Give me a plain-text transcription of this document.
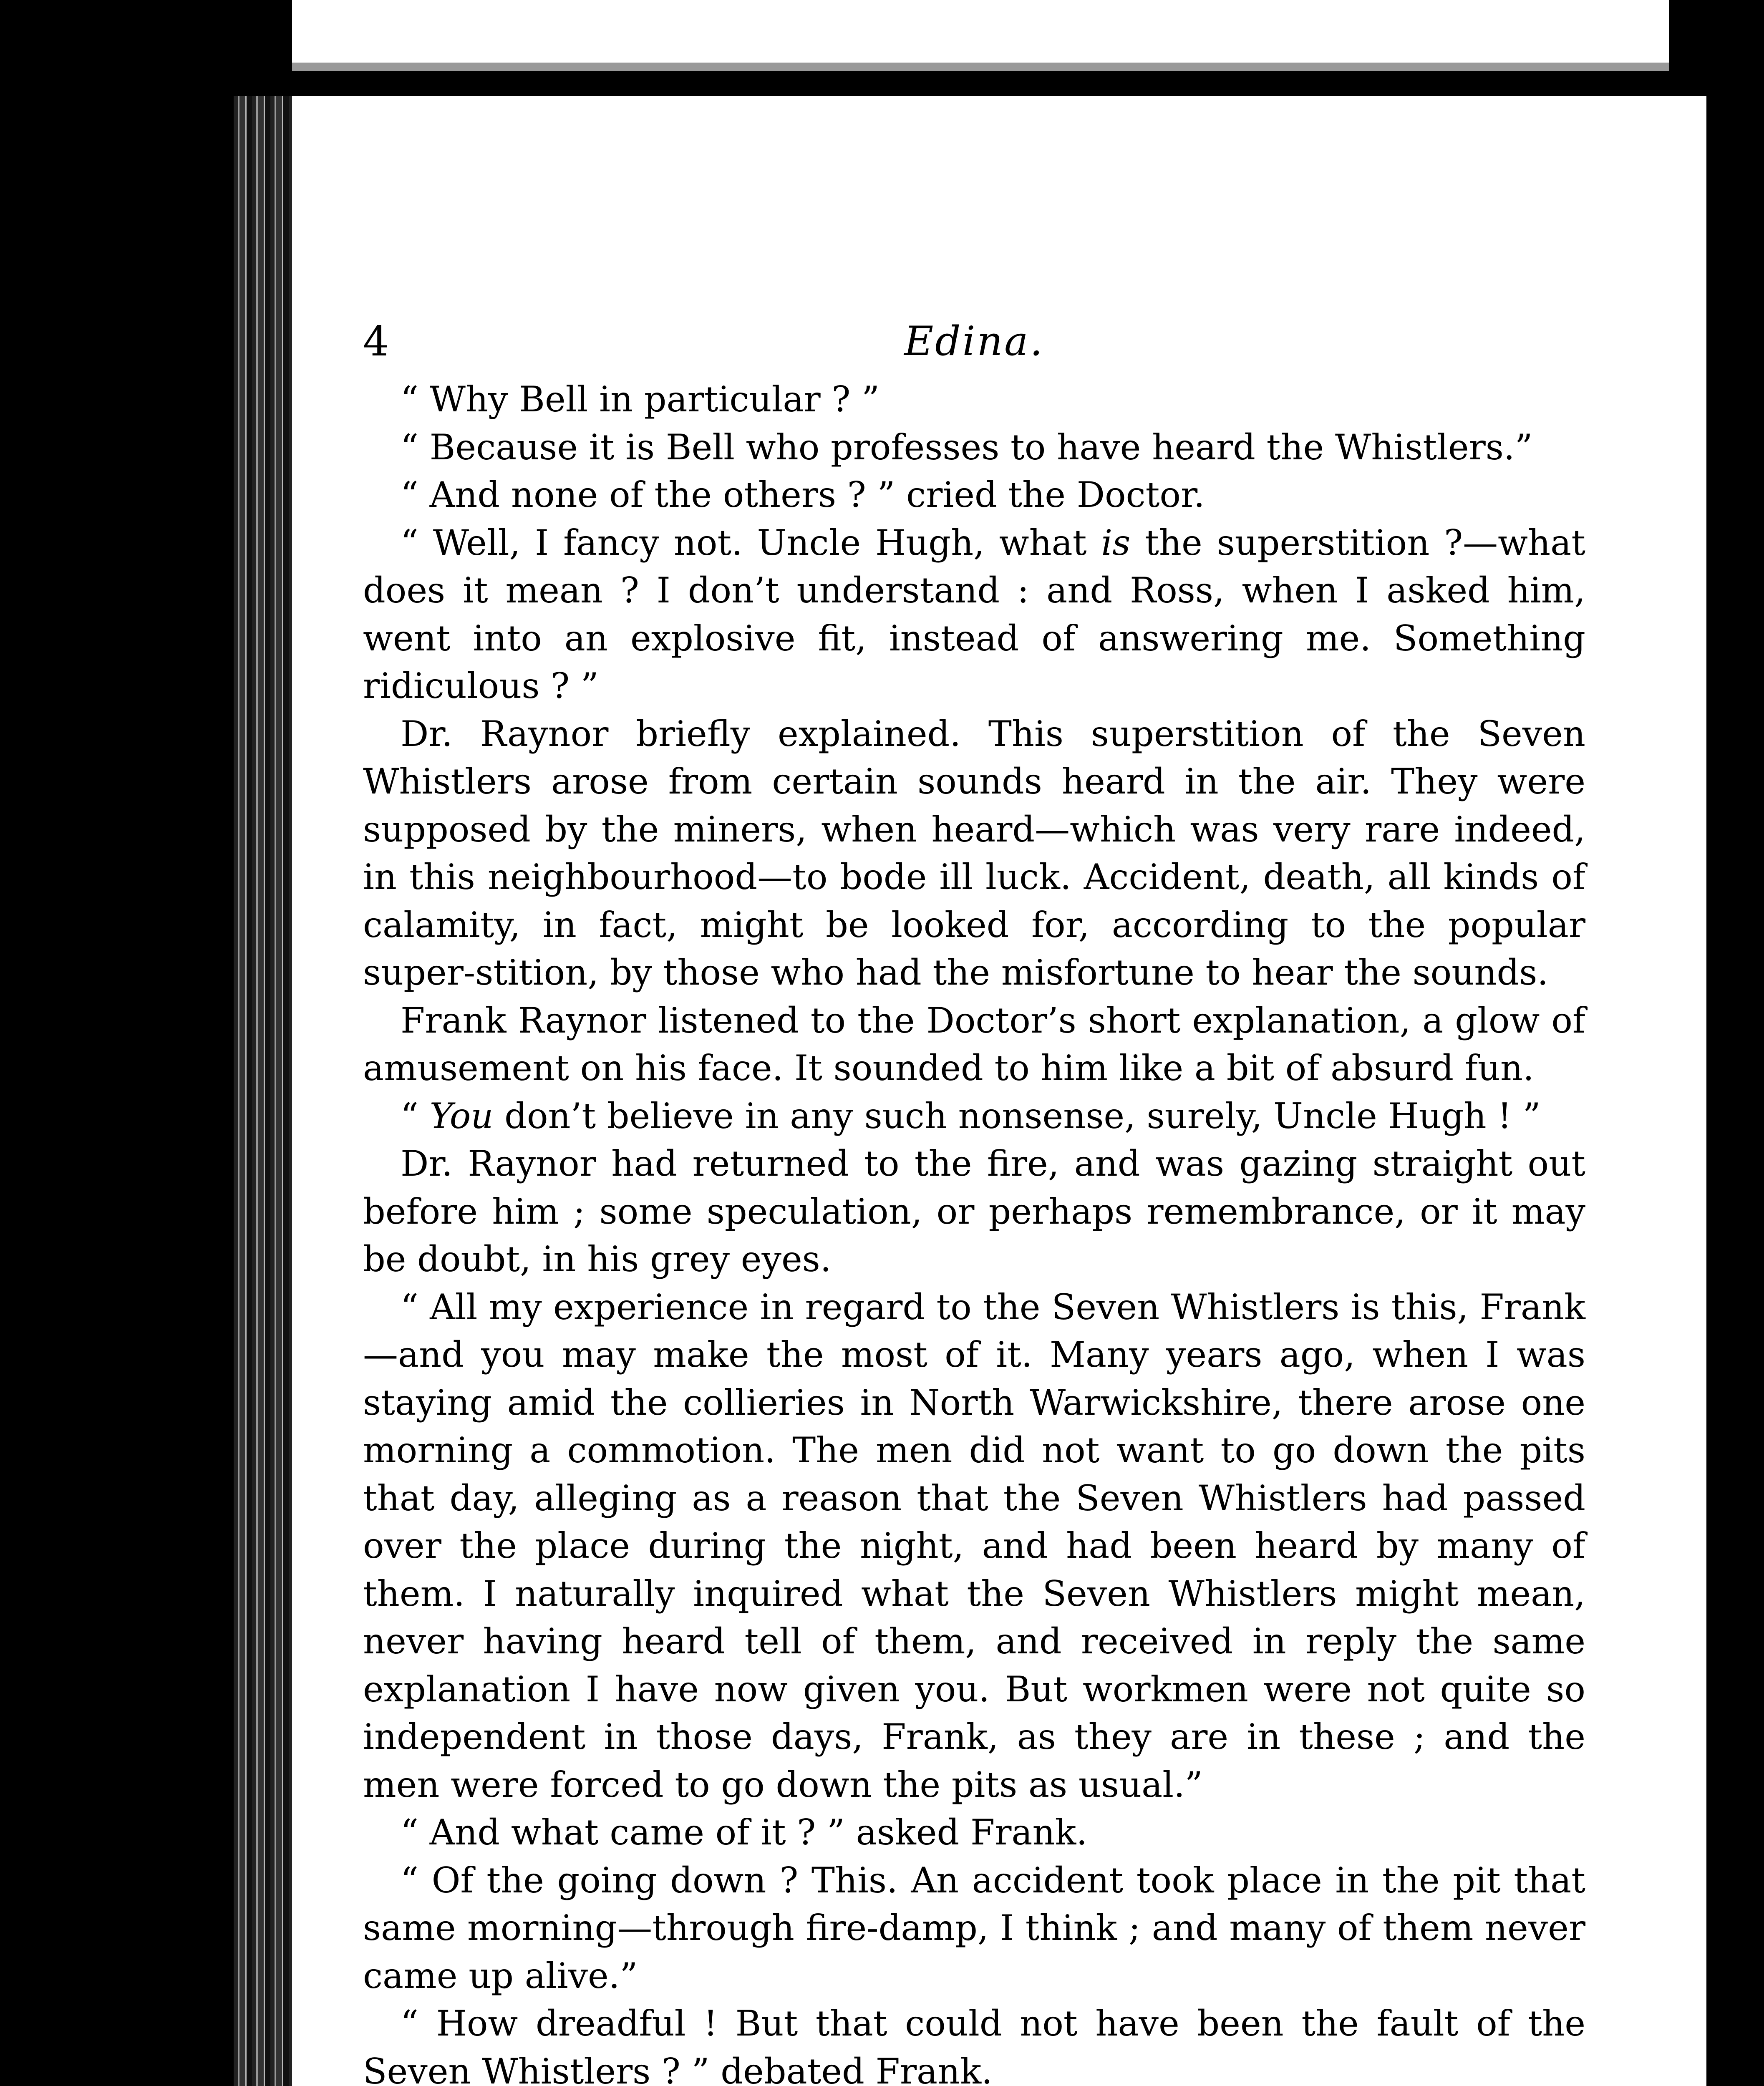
Edina.
4

“ Why Bell in particular ? ”

“ Because it is Bell who professes to have heard the Whistlers.”

“ And none of the others ? ” cried the Doctor.

“ Well, I fancy not. Uncle Hugh, what is the superstition ?—what does it mean ? I don’t understand : and Ross, when I asked him, went into an explosive fit, instead of answering me. Something ridiculous ? ”

Dr. Raynor briefly explained. This superstition of the Seven Whistlers arose from certain sounds heard in the air. They were supposed by the miners, when heard—which was very rare indeed, in this neighbourhood—to bode ill luck. Accident, death, all kinds of calamity, in fact, might be looked for, according to the popular super-stition, by those who had the misfortune to hear the sounds.

Frank Raynor listened to the Doctor’s short explanation, a glow of amusement on his face. It sounded to him like a bit of absurd fun.

“ You don’t believe in any such nonsense, surely, Uncle Hugh ! ”

Dr. Raynor had returned to the fire, and was gazing straight out before him ; some speculation, or perhaps remembrance, or it may be doubt, in his grey eyes.

“ All my experience in regard to the Seven Whistlers is this, Frank—and you may make the most of it. Many years ago, when I was staying amid the collieries in North Warwickshire, there arose one morning a commotion. The men did not want to go down the pits that day, alleging as a reason that the Seven Whistlers had passed over the place during the night, and had been heard by many of them. I naturally inquired what the Seven Whistlers might mean, never having heard tell of them, and received in reply the same explanation I have now given you. But workmen were not quite so independent in those days, Frank, as they are in these ; and the men were forced to go down the pits as usual.”

“ And what came of it ? ” asked Frank.

“ Of the going down ? This. An accident took place in the pit that same morning—through fire-damp, I think ; and many of them never came up alive.”

“ How dreadful ! But that could not have been the fault of the Seven Whistlers ? ” debated Frank.
